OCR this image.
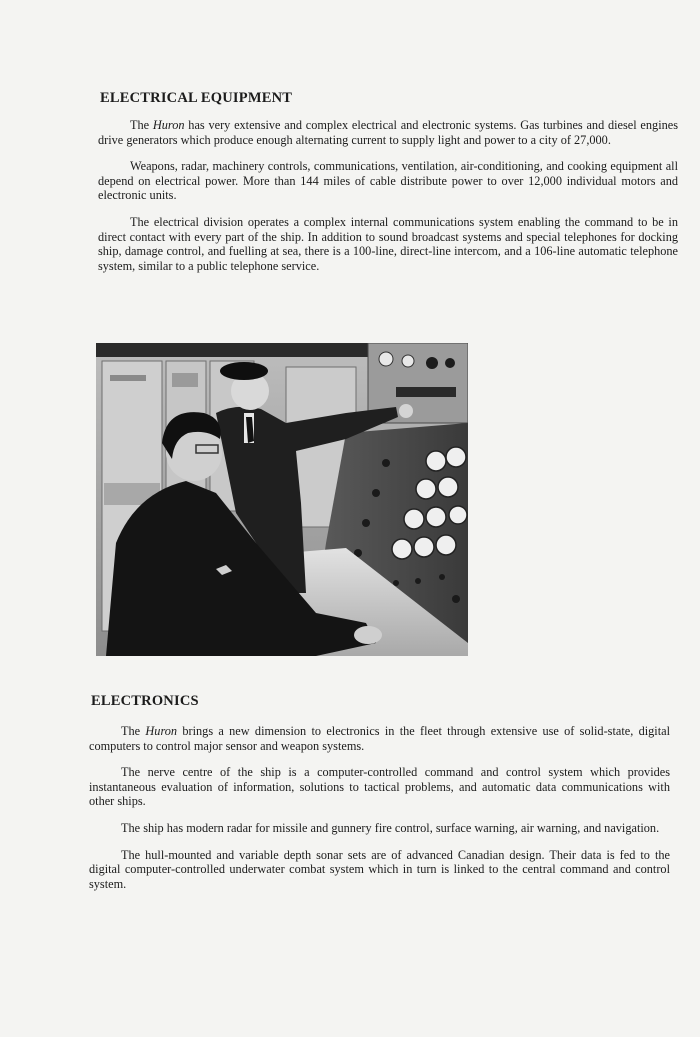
ELECTRICAL EQUIPMENT

The Huron has very extensive and complex electrical and electronic systems. Gas turbines and diesel engines drive generators which produce enough alternating current to supply light and power to a city of 27,000.

Weapons, radar, machinery controls, communications, ventilation, air-conditioning, and cooking equipment all depend on electrical power. More than 144 miles of cable distribute power to over 12,000 individual motors and electronic units.

The electrical division operates a complex internal communications system enabling the command to be in direct contact with every part of the ship. In addition to sound broadcast systems and special telephones for docking ship, damage control, and fuelling at sea, there is a 100-line, direct-line intercom, and a 106-line automatic telephone system, similar to a public telephone service.

ELECTRONICS

The Huron brings a new dimension to electronics in the fleet through extensive use of solid-state, digital computers to control major sensor and weapon systems.

The nerve centre of the ship is a computer-controlled command and control system which provides instantaneous evaluation of information, solutions to tactical problems, and automatic data communications with other ships.

The ship has modern radar for missile and gunnery fire control, surface warning, air warning, and navigation.

The hull-mounted and variable depth sonar sets are of advanced Canadian design. Their data is fed to the digital computer-controlled underwater combat system which in turn is linked to the central command and control system.
